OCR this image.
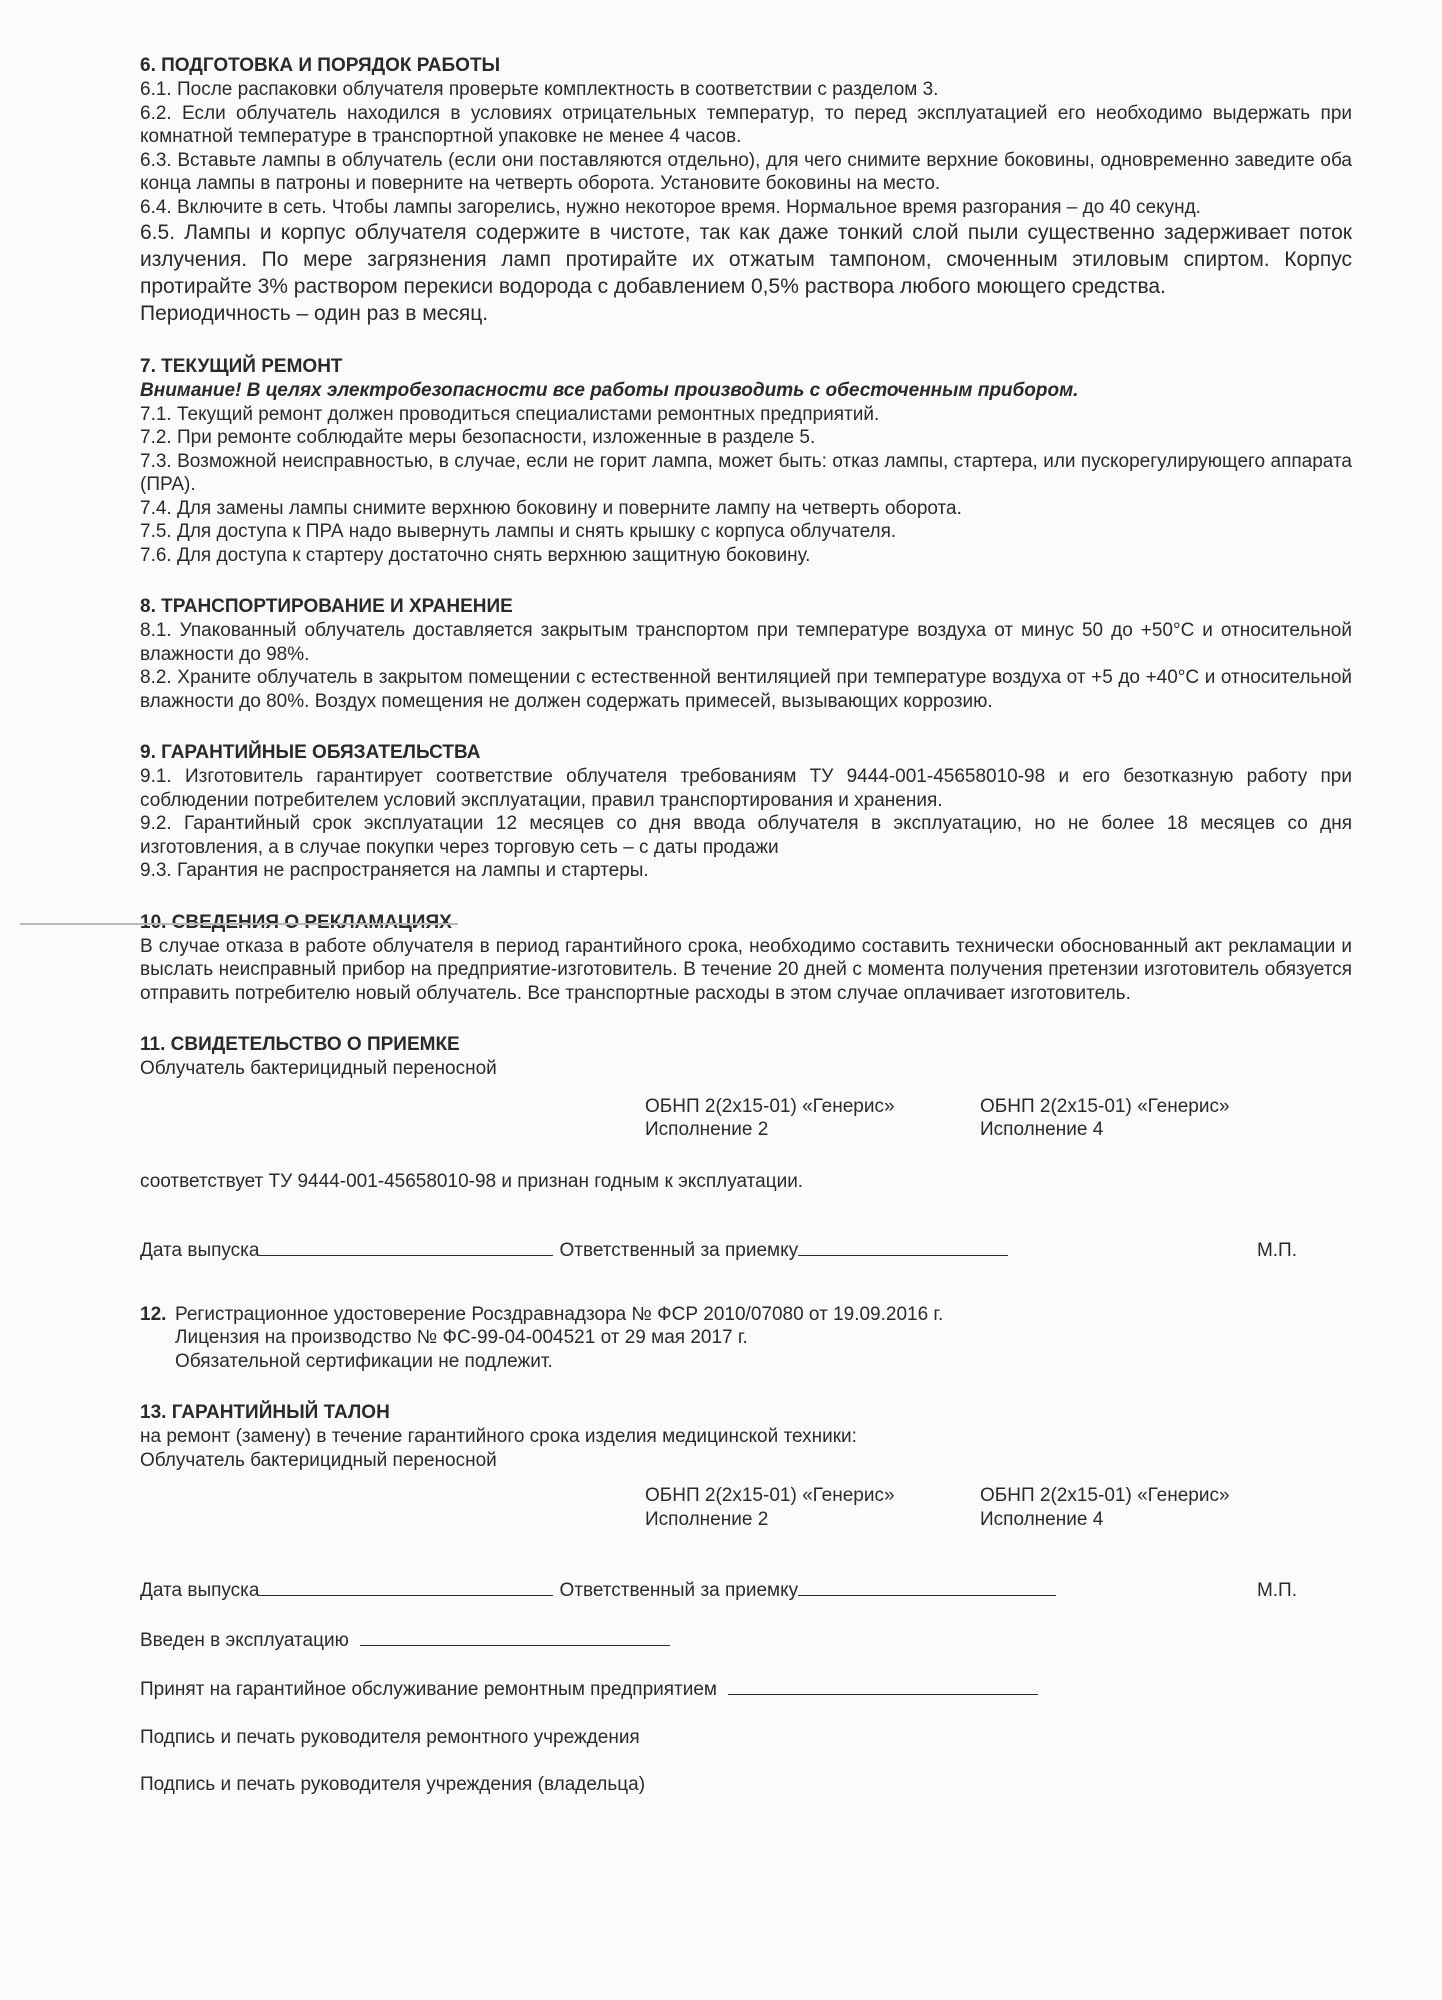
6. ПОДГОТОВКА И ПОРЯДОК РАБОТЫ

6.1. После распаковки облучателя проверьте комплектность в соответствии с разделом 3.

6.2. Если облучатель находился в условиях отрицательных температур, то перед эксплуатацией его необходимо выдержать при комнатной температуре в транспортной упаковке не менее 4 часов.

6.3. Вставьте лампы в облучатель (если они поставляются отдельно), для чего снимите верхние боковины, одновременно заведите оба конца лампы в патроны и поверните на четверть оборота. Установите боковины на место.

6.4. Включите в сеть. Чтобы лампы загорелись, нужно некоторое время. Нормальное время разгорания – до 40 секунд.

6.5. Лампы и корпус облучателя содержите в чистоте, так как даже тонкий слой пыли существенно задерживает поток излучения. По мере загрязнения ламп протирайте их отжатым тампоном, смоченным этиловым спиртом. Корпус протирайте 3% раствором перекиси водорода с добавлением 0,5% раствора любого моющего средства.

Периодичность – один раз в месяц.

7. ТЕКУЩИЙ РЕМОНТ

Внимание! В целях электробезопасности все работы производить с обесточенным прибором.

7.1. Текущий ремонт должен проводиться специалистами ремонтных предприятий.

7.2. При ремонте соблюдайте меры безопасности, изложенные в разделе 5.

7.3. Возможной неисправностью, в случае, если не горит лампа, может быть: отказ лампы, стартера, или пускорегулирующего аппарата (ПРА).

7.4. Для замены лампы снимите верхнюю боковину и поверните лампу на четверть оборота.

7.5. Для доступа к ПРА надо вывернуть лампы и снять крышку с корпуса облучателя.

7.6. Для доступа к стартеру достаточно снять верхнюю защитную боковину.

8. ТРАНСПОРТИРОВАНИЕ И ХРАНЕНИЕ

8.1. Упакованный облучатель доставляется закрытым транспортом при температуре воздуха от минус 50 до +50°С и относительной влажности до 98%.

8.2. Храните облучатель в закрытом помещении с естественной вентиляцией при температуре воздуха от +5 до +40°С и относительной влажности до 80%. Воздух помещения не должен содержать примесей, вызывающих коррозию.

9. ГАРАНТИЙНЫЕ ОБЯЗАТЕЛЬСТВА

9.1. Изготовитель гарантирует соответствие облучателя требованиям ТУ 9444-001-45658010-98 и его безотказную работу при соблюдении потребителем условий эксплуатации, правил транспортирования и хранения.

9.2. Гарантийный срок эксплуатации 12 месяцев со дня ввода облучателя в эксплуатацию, но не более 18 месяцев со дня изготовления, а в случае покупки через торговую сеть – с даты продажи

9.3. Гарантия не распространяется на лампы и стартеры.

10. СВЕДЕНИЯ О РЕКЛАМАЦИЯХ

В случае отказа в работе облучателя в период гарантийного срока, необходимо составить технически обоснованный акт рекламации и выслать неисправный прибор на предприятие-изготовитель. В течение 20 дней с момента получения претензии изготовитель обязуется отправить потребителю новый облучатель. Все транспортные расходы в этом случае оплачивает изготовитель.

11. СВИДЕТЕЛЬСТВО О ПРИЕМКЕ

Облучатель бактерицидный переносной

ОБНП 2(2х15-01) «Генерис»
Исполнение 2
ОБНП 2(2х15-01) «Генерис»
Исполнение 4

соответствует ТУ 9444-001-45658010-98 и признан годным к эксплуатации.

Дата выпуска	Ответственный за приемку	М.П.

12. Регистрационное удостоверение Росздравнадзора № ФСР 2010/07080 от 19.09.2016 г.

Лицензия на производство № ФС-99-04-004521 от 29 мая 2017 г.

Обязательной сертификации не подлежит.

13. ГАРАНТИЙНЫЙ ТАЛОН

на ремонт (замену) в течение гарантийного срока изделия медицинской техники:

Облучатель бактерицидный переносной

ОБНП 2(2х15-01) «Генерис»
Исполнение 2
ОБНП 2(2х15-01) «Генерис»
Исполнение 4
Дата выпуска	Ответственный за приемку	М.П.
Введен в эксплуатацию
Принят на гарантийное обслуживание ремонтным предприятием

Подпись и печать руководителя ремонтного учреждения

Подпись и печать руководителя учреждения (владельца)
